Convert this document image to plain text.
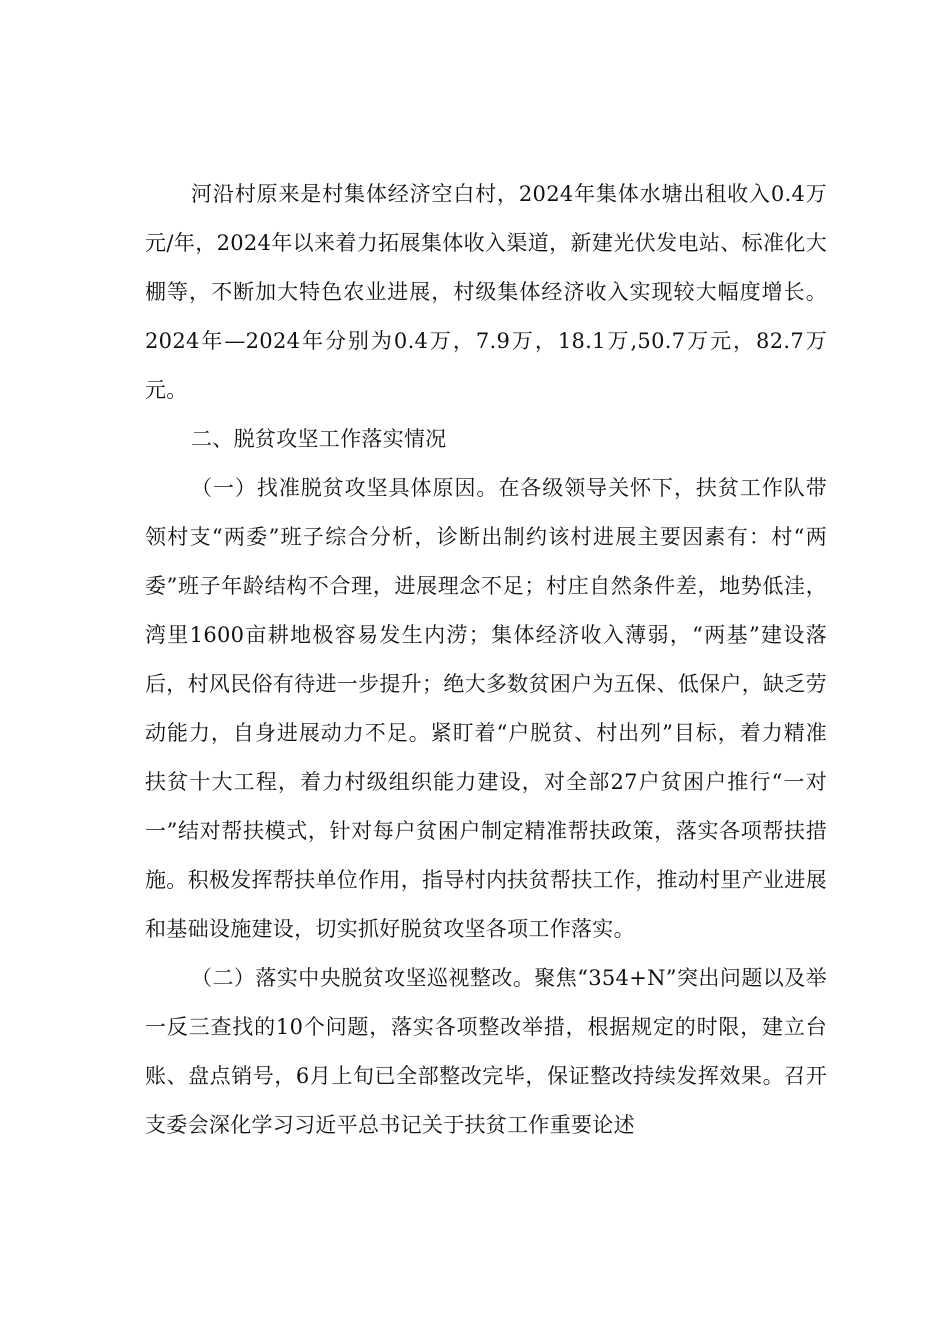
河沿村原来是村集体经济空白村，2024年集体水塘出租收入0.4万元/年，2024年以来着力拓展集体收入渠道，新建光伏发电站、标准化大棚等，不断加大特色农业进展，村级集体经济收入实现较大幅度增长。2024年—2024年分别为0.4万，7.9万，18.1万,50.7万元，82.7万元。

二、脱贫攻坚工作落实情况

（一）找准脱贫攻坚具体原因。在各级领导关怀下，扶贫工作队带领村支“两委”班子综合分析，诊断出制约该村进展主要因素有：村“两委”班子年龄结构不合理，进展理念不足；村庄自然条件差，地势低洼，湾里1600亩耕地极容易发生内涝；集体经济收入薄弱，“两基”建设落后，村风民俗有待进一步提升；绝大多数贫困户为五保、低保户，缺乏劳动能力，自身进展动力不足。紧盯着“户脱贫、村出列”目标，着力精准扶贫十大工程，着力村级组织能力建设，对全部27户贫困户推行“一对一”结对帮扶模式，针对每户贫困户制定精准帮扶政策，落实各项帮扶措施。积极发挥帮扶单位作用，指导村内扶贫帮扶工作，推动村里产业进展和基础设施建设，切实抓好脱贫攻坚各项工作落实。

（二）落实中央脱贫攻坚巡视整改。聚焦“354+N”突出问题以及举一反三查找的10个问题，落实各项整改举措，根据规定的时限，建立台账、盘点销号，6月上旬已全部整改完毕，保证整改持续发挥效果。召开支委会深化学习习近平总书记关于扶贫工作重要论述
